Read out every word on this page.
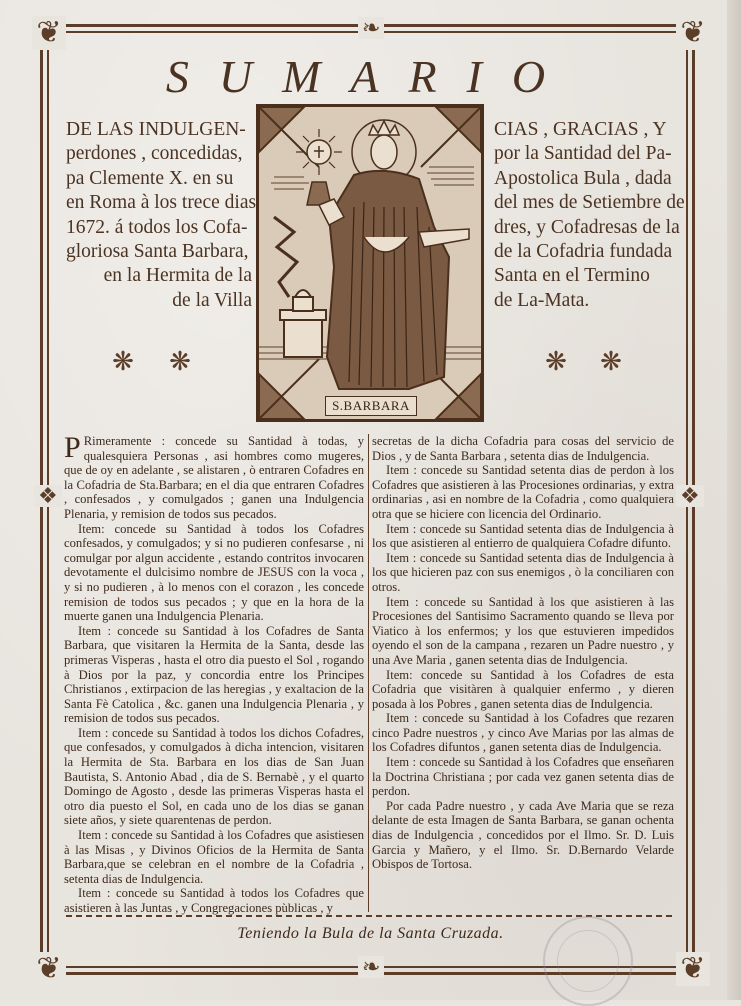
❦	❦
❦	❦
❧
❧
❖	❖
SUMARIO
DE LAS INDULGEN-
perdones , concedidas,
pa Clemente X. en su
en Roma à los trece dias
1672. á todos los Cofa-
gloriosa Santa Barbara,
en la Hermita de la
de la Villa
CIAS , GRACIAS , Y
por la Santidad del Pa-
Apostolica Bula , dada
del mes de Setiembre de
dres, y Cofadresas de la
de la Cofadria fundada
Santa en el Termino
de La-Mata.
S.BARBARA
❋ ❋	❋ ❋

P Rimeramente : concede su Santidad à todas, y qualesquiera Personas , asi hombres como mugeres, que de oy en adelante , se alistaren , ò entraren Cofadres en la Cofadria de Sta.Barbara; en el dia que entraren Cofadres , confesados , y comulgados ; ganen una Indulgencia Plenaria, y remision de todos sus pecados.

Item: concede su Santidad à todos los Cofadres confesados, y comulgados; y si no pudieren confesarse , ni comulgar por algun accidente , estando contritos invocaren devotamente el dulcisimo nombre de JESUS con la voca , y si no pudieren , à lo menos con el corazon , les concede remision de todos sus pecados ; y que en la hora de la muerte ganen una Indulgencia Plenaria.

Item : concede su Santidad à los Cofadres de Santa Barbara, que visitaren la Hermita de la Santa, desde las primeras Visperas , hasta el otro dia puesto el Sol , rogando à Dios por la paz, y concordia entre los Principes Christianos , extirpacion de las heregias , y exaltacion de la Santa Fè Catolica , &c. ganen una Indulgencia Plenaria , y remision de todos sus pecados.

Item : concede su Santidad à todos los dichos Cofadres, que confesados, y comulgados à dicha intencion, visitaren la Hermita de Sta. Barbara en los dias de San Juan Bautista, S. Antonio Abad , dia de S. Bernabè , y el quarto Domingo de Agosto , desde las primeras Visperas hasta el otro dia puesto el Sol, en cada uno de los dias se ganan siete años, y siete quarentenas de perdon.

Item : concede su Santidad à los Cofadres que asistiesen à las Misas , y Divinos Oficios de la Hermita de Santa Barbara,que se celebran en el nombre de la Cofadria , setenta dias de Indulgencia.

Item : concede su Santidad à todos los Cofadres que asistieren à las Juntas , y Congregaciones pùblicas , y

secretas de la dicha Cofadria para cosas del servicio de Dios , y de Santa Barbara , setenta dias de Indulgencia.

Item : concede su Santidad setenta dias de perdon à los Cofadres que asistieren à las Procesiones ordinarias, y extra ordinarias , asi en nombre de la Cofadria , como qualquiera otra que se hiciere con licencia del Ordinario.

Item : concede su Santidad setenta dias de Indulgencia à los que asistieren al entierro de qualquiera Cofadre difunto.

Item : concede su Santidad setenta dias de Indulgencia à los que hicieren paz con sus enemigos , ò la conciliaren con otros.

Item : concede su Santidad à los que asistieren à las Procesiones del Santisimo Sacramento quando se lleva por Viatico à los enfermos; y los que estuvieren impedidos oyendo el son de la campana , rezaren un Padre nuestro , y una Ave Maria , ganen setenta dias de Indulgencia.

Item: concede su Santidad à los Cofadres de esta Cofadria que visitàren à qualquier enfermo , y dieren posada à los Pobres , ganen setenta dias de Indulgencia.

Item : concede su Santidad à los Cofadres que rezaren cinco Padre nuestros , y cinco Ave Marias por las almas de los Cofadres difuntos , ganen setenta dias de Indulgencia.

Item : concede su Santidad à los Cofadres que enseñaren la Doctrina Christiana ; por cada vez ganen setenta dias de perdon.

Por cada Padre nuestro , y cada Ave Maria que se reza delante de esta Imagen de Santa Barbara, se ganan ochenta dias de Indulgencia , concedidos por el Ilmo. Sr. D. Luis Garcia y Mañero, y el Ilmo. Sr. D.Bernardo Velarde Obispos de Tortosa.

Teniendo la Bula de la Santa Cruzada.
